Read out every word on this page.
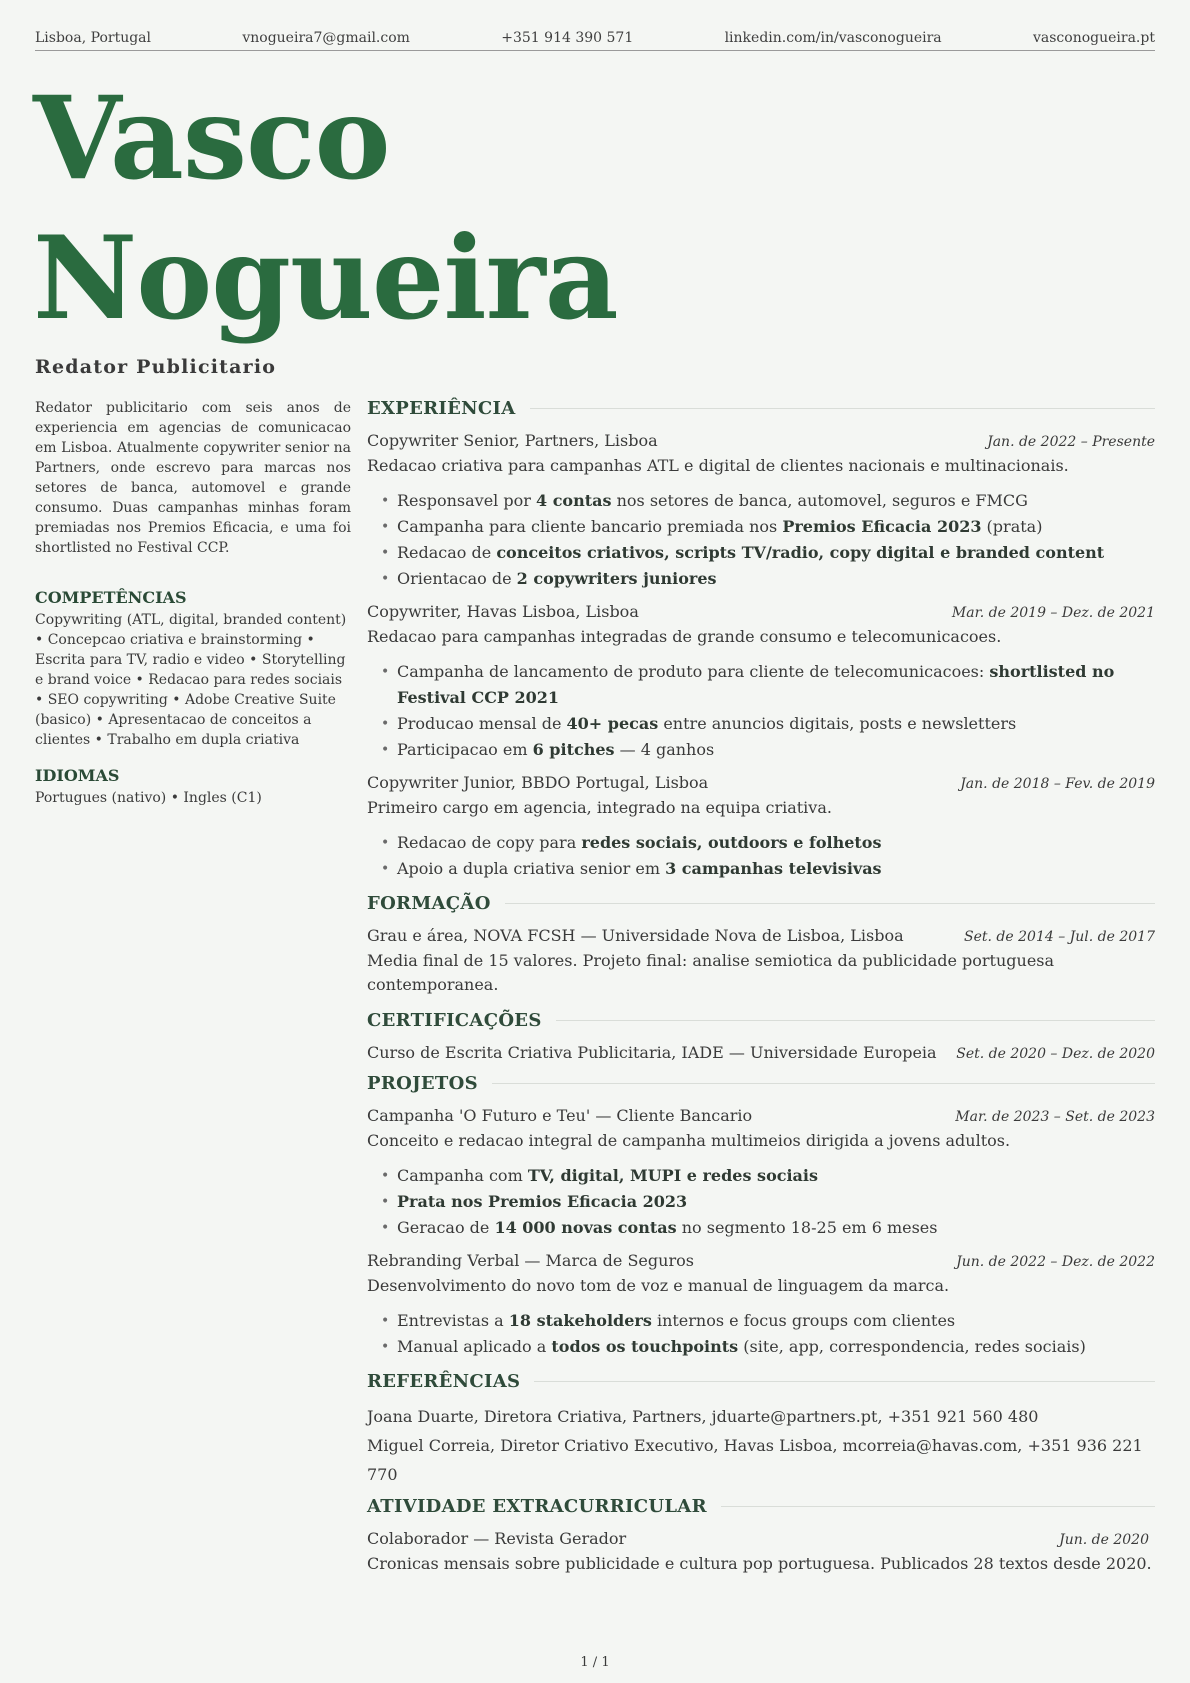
Lisboa, Portugal	vnogueira7@gmail.com	+351 914 390 571	linkedin.com/in/vasconogueira	vasconogueira.pt
Vasco
Nogueira
Redator Publicitario

Redator publicitario com seis anos de experiencia em agencias de comunicacao em Lisboa. Atualmente copywriter senior na Partners, onde escrevo para marcas nos setores de banca, automovel e grande consumo. Duas campanhas minhas foram premiadas nos Premios Eficacia, e uma foi shortlisted no Festival CCP.

COMPETÊNCIAS

Copywriting (ATL, digital, branded content) • Concepcao criativa e brainstorming • Escrita para TV, radio e video • Storytelling e brand voice • Redacao para redes sociais • SEO copywriting • Adobe Creative Suite (basico) • Apresentacao de conceitos a clientes • Trabalho em dupla criativa

IDIOMAS

Portugues (nativo) • Ingles (C1)

EXPERIÊNCIA
Copywriter Senior, Partners, Lisboa	Jan. de 2022 – Presente
Redacao criativa para campanhas ATL e digital de clientes nacionais e multinacionais.
• Responsavel por 4 contas nos setores de banca, automovel, seguros e FMCG
• Campanha para cliente bancario premiada nos Premios Eficacia 2023 (prata)
• Redacao de conceitos criativos, scripts TV/radio, copy digital e branded content
• Orientacao de 2 copywriters juniores
Copywriter, Havas Lisboa, Lisboa	Mar. de 2019 – Dez. de 2021
Redacao para campanhas integradas de grande consumo e telecomunicacoes.
• Campanha de lancamento de produto para cliente de telecomunicacoes: shortlisted no Festival CCP 2021
• Producao mensal de 40+ pecas entre anuncios digitais, posts e newsletters
• Participacao em 6 pitches — 4 ganhos
Copywriter Junior, BBDO Portugal, Lisboa	Jan. de 2018 – Fev. de 2019
Primeiro cargo em agencia, integrado na equipa criativa.
• Redacao de copy para redes sociais, outdoors e folhetos
• Apoio a dupla criativa senior em 3 campanhas televisivas
FORMAÇÃO
Grau e área, NOVA FCSH — Universidade Nova de Lisboa, Lisboa	Set. de 2014 – Jul. de 2017
Media final de 15 valores. Projeto final: analise semiotica da publicidade portuguesa contemporanea.
CERTIFICAÇÕES
Curso de Escrita Criativa Publicitaria, IADE — Universidade Europeia Set. de 2020 – Dez. de 2020
PROJETOS
Campanha 'O Futuro e Teu' — Cliente Bancario	Mar. de 2023 – Set. de 2023
Conceito e redacao integral de campanha multimeios dirigida a jovens adultos.
• Campanha com TV, digital, MUPI e redes sociais
• Prata nos Premios Eficacia 2023
• Geracao de 14 000 novas contas no segmento 18-25 em 6 meses
Rebranding Verbal — Marca de Seguros	Jun. de 2022 – Dez. de 2022
Desenvolvimento do novo tom de voz e manual de linguagem da marca.
• Entrevistas a 18 stakeholders internos e focus groups com clientes
• Manual aplicado a todos os touchpoints (site, app, correspondencia, redes sociais)
REFERÊNCIAS
Joana Duarte, Diretora Criativa, Partners, jduarte@partners.pt, +351 921 560 480
Miguel Correia, Diretor Criativo Executivo, Havas Lisboa, mcorreia@havas.com, +351 936 221 770
ATIVIDADE EXTRACURRICULAR
Colaborador — Revista Gerador	Jun. de 2020
Cronicas mensais sobre publicidade e cultura pop portuguesa. Publicados 28 textos desde 2020.
1 / 1
